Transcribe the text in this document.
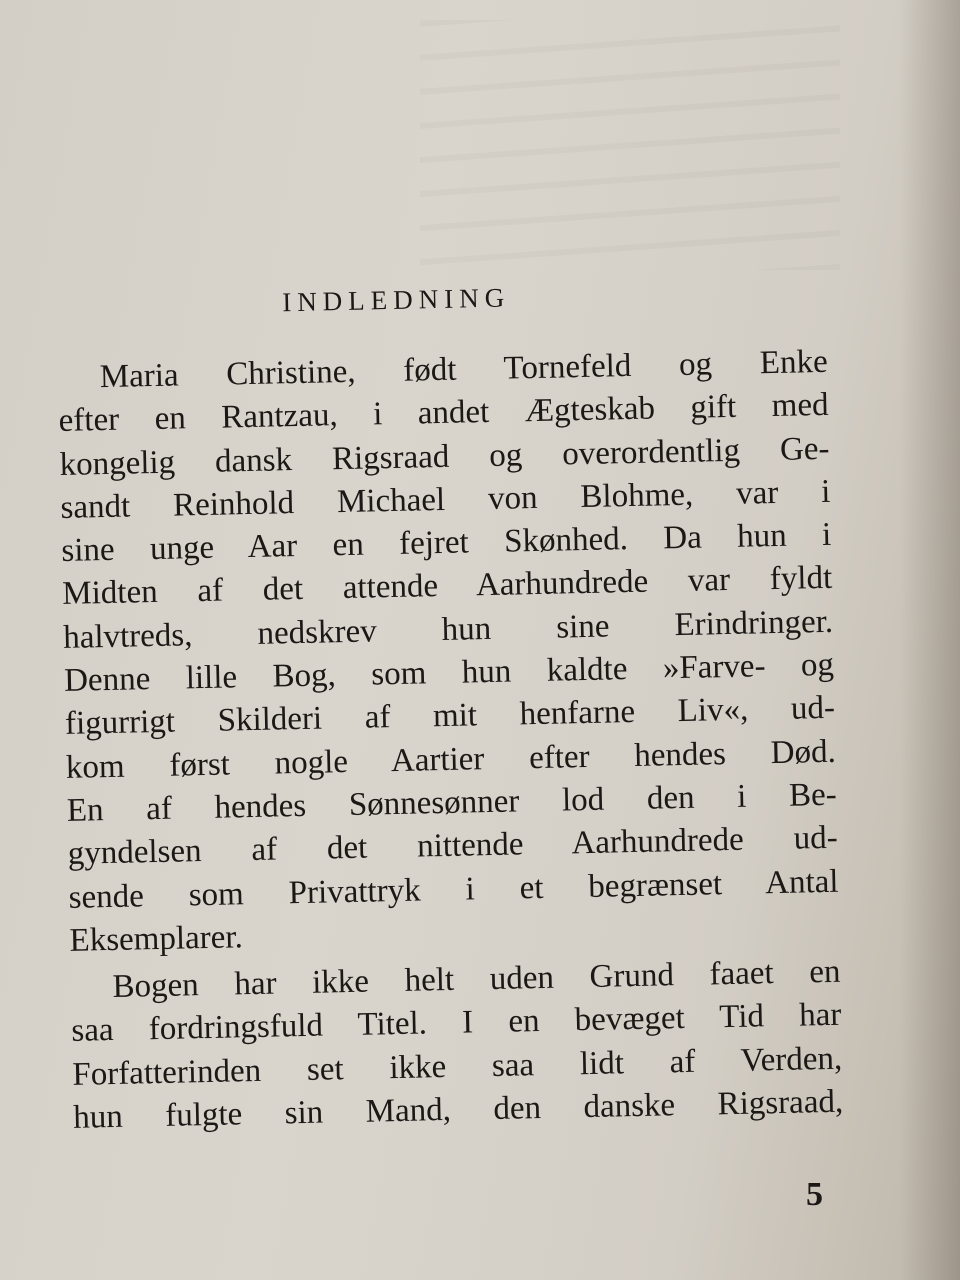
INDLEDNING
Maria Christine, født Tornefeld og Enke
efter en Rantzau, i andet Ægteskab gift med
kongelig dansk Rigsraad og overordentlig Ge-
sandt Reinhold Michael von Blohme, var i
sine unge Aar en fejret Skønhed. Da hun i
Midten af det attende Aarhundrede var fyldt
halvtreds, nedskrev hun sine Erindringer.
Denne lille Bog, som hun kaldte »Farve- og
figurrigt Skilderi af mit henfarne Liv«, ud-
kom først nogle Aartier efter hendes Død.
En af hendes Sønnesønner lod den i Be-
gyndelsen af det nittende Aarhundrede ud-
sende som Privattryk i et begrænset Antal
Eksemplarer.
Bogen har ikke helt uden Grund faaet en
saa fordringsfuld Titel. I en bevæget Tid har
Forfatterinden set ikke saa lidt af Verden,
hun fulgte sin Mand, den danske Rigsraad,
5
